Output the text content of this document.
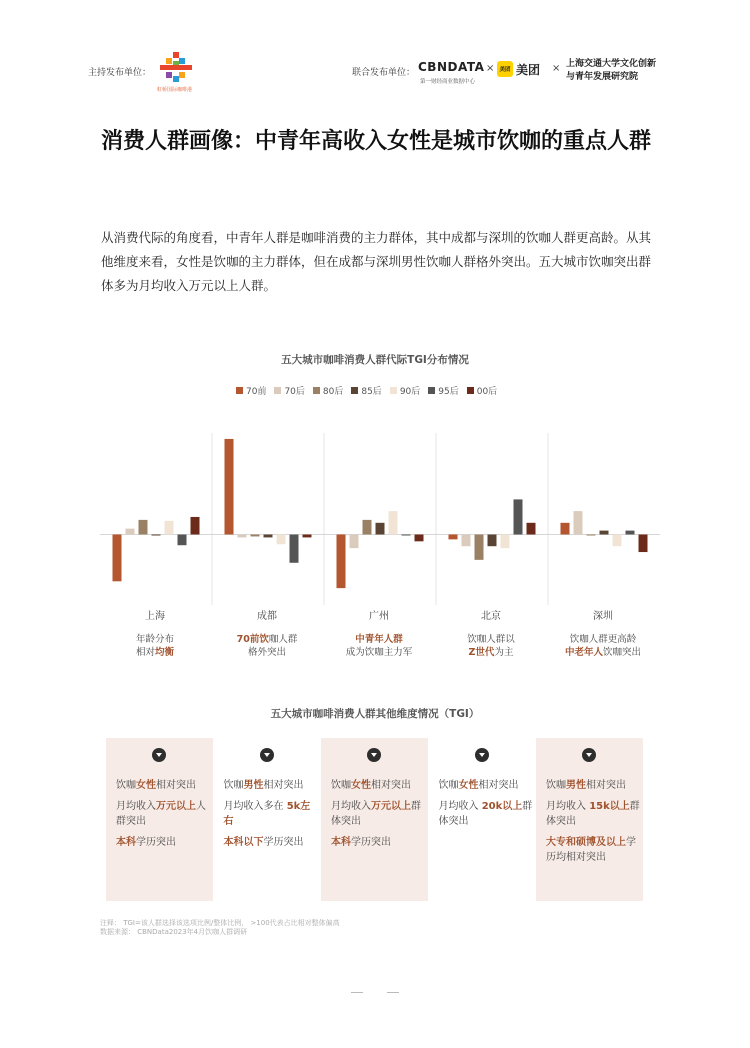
主持发布单位：
虹桥国际咖啡港
联合发布单位： CBNDATA
第一财经商业数据中心
× 美团 美团 × 上海交通大学文化创新
与青年发展研究院
消费人群画像：中青年高收入女性是城市饮咖的重点人群

从消费代际的角度看，中青年人群是咖啡消费的主力群体，其中成都与深圳的饮咖人群更高龄。从其他维度来看，女性是饮咖的主力群体，但在成都与深圳男性饮咖人群格外突出。五大城市饮咖突出群体多为月均收入万元以上人群。

五大城市咖啡消费人群代际TGI分布情况
70前 70后 80后 85后 90后 95后 00后
上海
年龄分布
相对均衡
成都
70前饮咖人群
格外突出
广州
中青年人群
成为饮咖主力军
北京
饮咖人群以
Z世代为主
深圳
饮咖人群更高龄
中老年人饮咖突出
五大城市咖啡消费人群其他维度情况（TGI）
饮咖女性相对突出
月均收入万元以上人群突出
本科学历突出
饮咖男性相对突出
月均收入多在 5k左右
本科以下学历突出
饮咖女性相对突出
月均收入万元以上群体突出
本科学历突出
饮咖女性相对突出
月均收入 20k以上群体突出
饮咖男性相对突出
月均收入 15k以上群体突出
大专和硕博及以上学历均相对突出
注释： TGI=该人群选择该选项比例/整体比例， >100代表占比相对整体偏高
数据来源： CBNData2023年4月饮咖人群调研
